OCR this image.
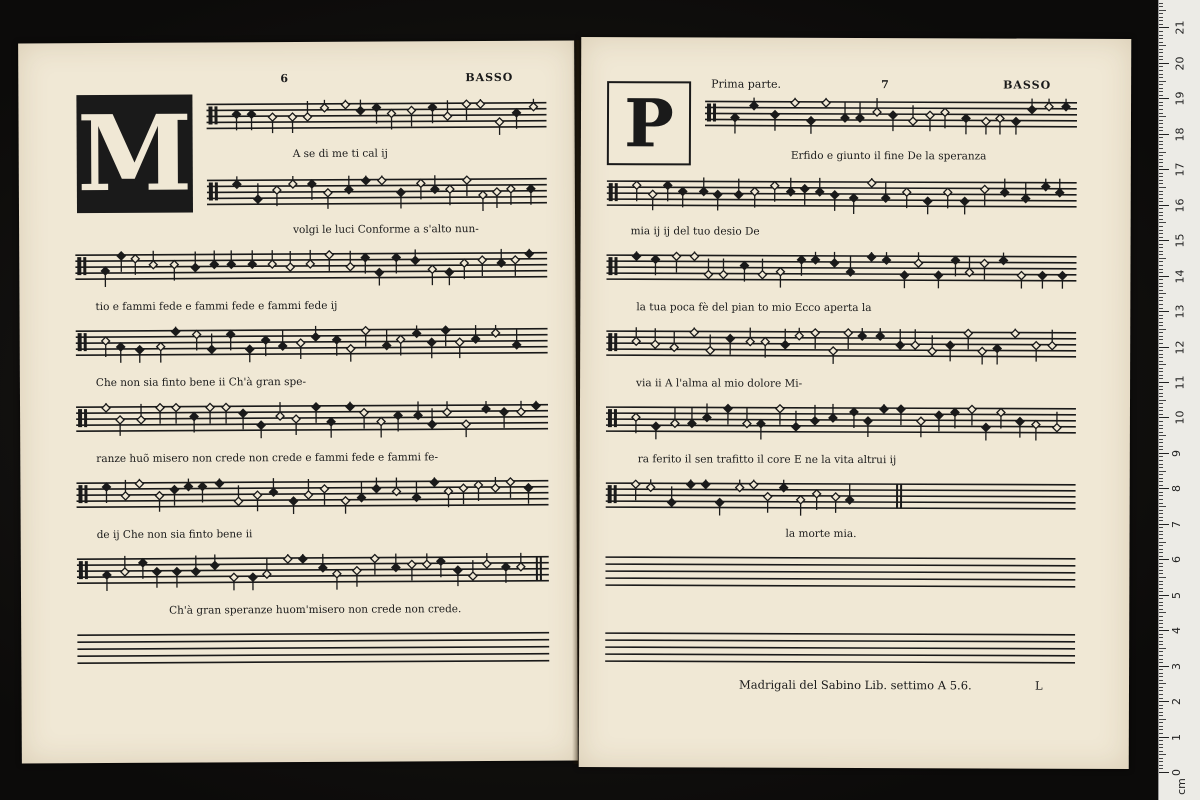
6	BASSO
M	A se di me ti cal ij
volgi le luci Conforme a s'alto nun-
tio e fammi fede e fammi fede e fammi fede ij
Che non sia finto bene ii Ch'à gran spe-
ranze huõ misero non crede non crede e fammi fede e fammi fe-
de ij Che non sia finto bene ii
Ch'à gran speranze huom'misero non crede non crede.
P
Prima parte.	7	BASSO
Erfido e giunto il fine De la speranza
mia ij ij del tuo desio De
la tua poca fè del pian to mio Ecco aperta la
via ii A l'alma al mio dolore Mi-
ra ferito il sen trafitto il core E ne la vita altrui ij
la morte mia.
Madrigali del Sabino Lib. settimo A 5.6.	L
0
1
2
3
4
5
6
7
8
9
10
11
12
13
14
15
16
17
18
19
20
21
cm
